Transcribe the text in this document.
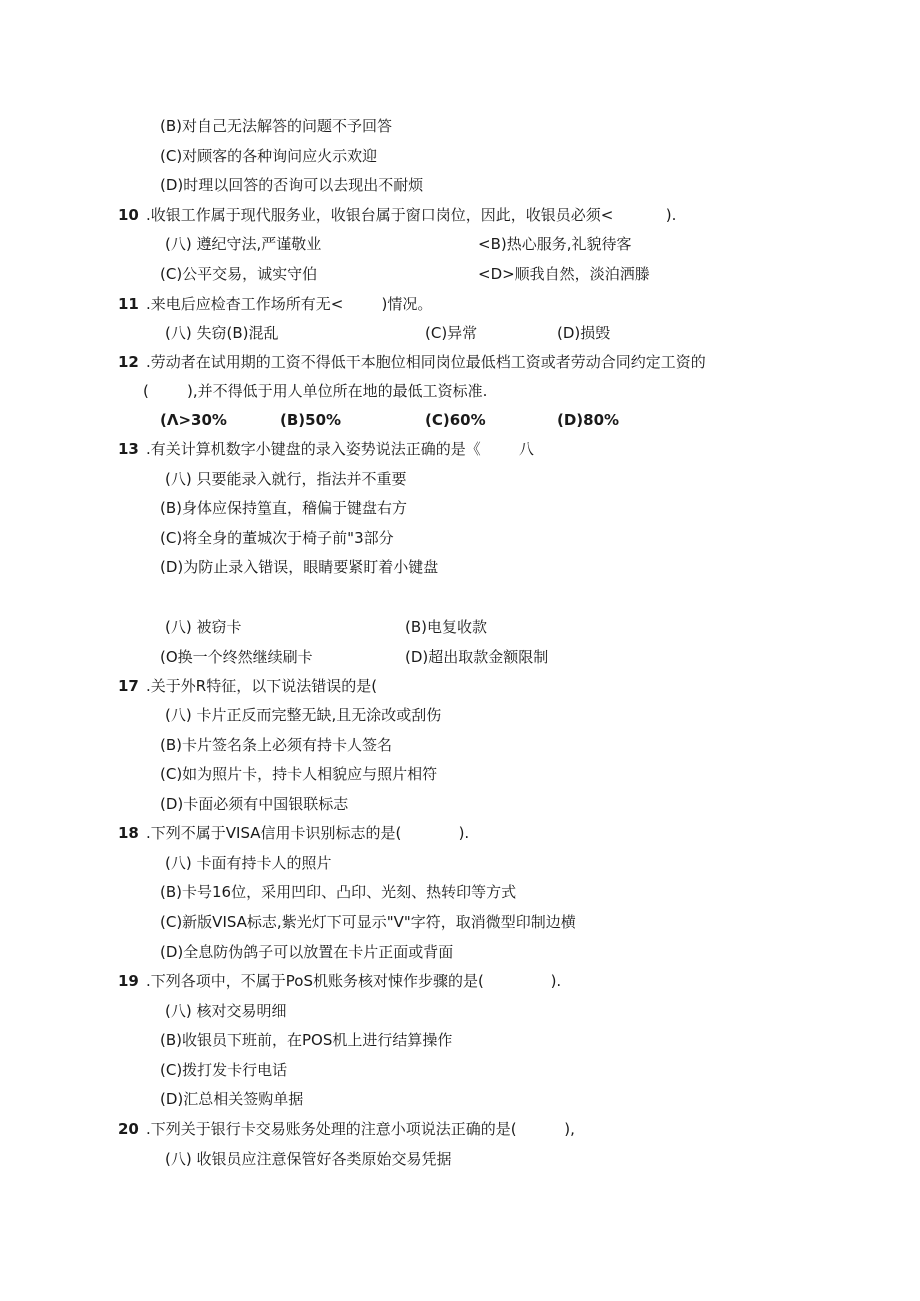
(B)对自己无法解答的问题不予回答
(C)对顾客的各种询问应火示欢迎
(D)时理以回答的否询可以去现出不耐烦
10 .收银工作属于现代服务业，收银台属于窗口岗位，因此，收银员必须<           ).
(八) 遵纪守法,严谨敬业	<B)热心服务,礼貌待客
(C)公平交易，诚实守伯	<D>顺我自然，淡泊洒滕
11 .来电后应检杳工作场所有无<        )情况。
(八) 失窃(B)混乱	(C)异常	(D)损毁
12 .劳动者在试用期的工资不得低干本胞位相同岗位最低档工资或者劳动合同约定工资的
(        ),并不得低于用人单位所在地的最低工资标准.
(Λ>30%	(B)50%	(C)60%	(D)80%
13 .有关计算机数字小键盘的录入姿势说法正确的是《        八
(八) 只要能录入就行，指法并不重要
(B)身体应保持篁直，稽偏于键盘右方
(C)将全身的董城次于椅子前"3部分
(D)为防止录入错误，眼睛要紧盯着小键盘
(八) 被窃卡	(B)电复收款
(O换一个终然继续刷卡	(D)超出取款金额限制
17 .关于外R特征，以下说法错误的是(
(八) 卡片正反而完整无缺,且无涂改或刮伤
(B)卡片签名条上必须有持卡人签名
(C)如为照片卡，持卡人相貌应与照片相符
(D)卡面必须有中国银联标志
18 .下列不属于VISA信用卡识别标志的是(            ).
(八) 卡面有持卡人的照片
(B)卡号16位，采用凹印、凸印、光刻、热转印等方式
(C)新版VISA标志,紫光灯下可显示"V"字符，取消微型印制边横
(D)全息防伪鸽子可以放置在卡片正面或背面
19 .下列各项中，不属于PoS机账务核对悚作步骤的是(              ).
(八) 核对交易明细
(B)收银员下班前，在POS机上进行结算操作
(C)拨打发卡行电话
(D)汇总相关签购单据
20 .下列关于银行卡交易账务处理的注意小项说法正确的是(          ),
(八) 收银员应注意保管好各类原始交易凭据
